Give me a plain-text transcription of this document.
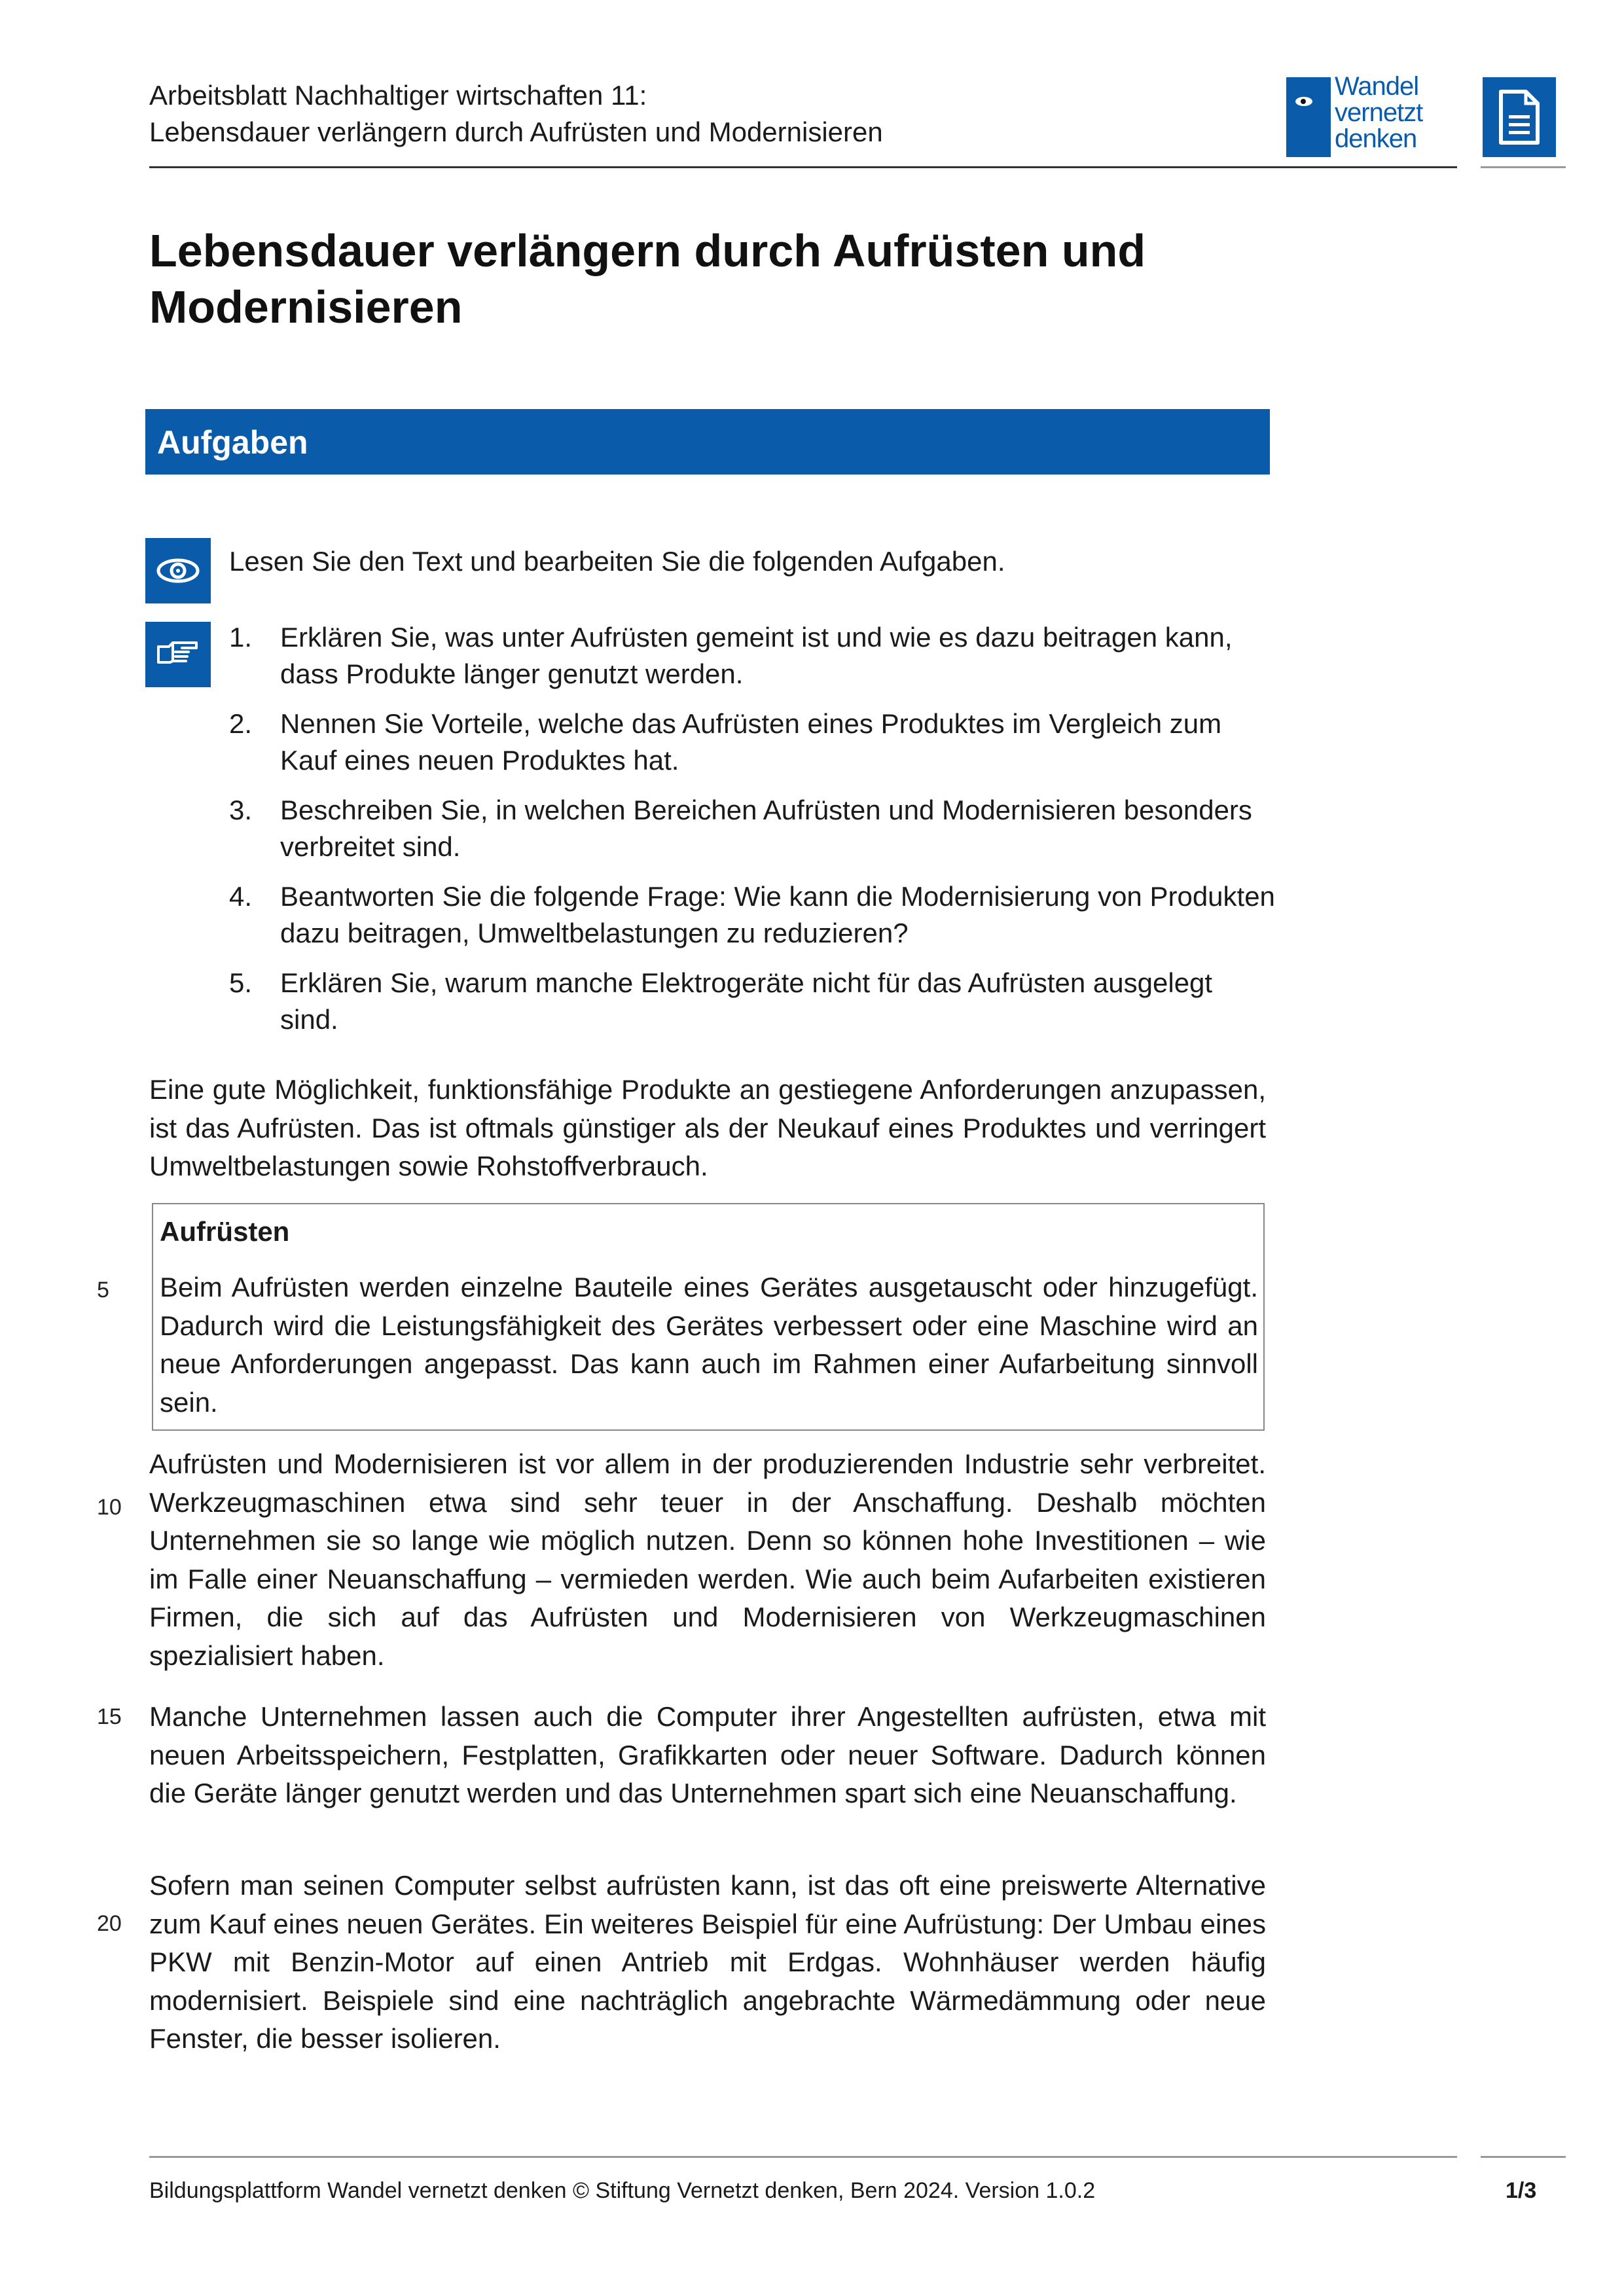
Arbeitsblatt Nachhaltiger wirtschaften 11:
Lebensdauer verlängern durch Aufrüsten und Modernisieren
Wandel
vernetzt
denken
Lebensdauer verlängern durch Aufrüsten und Modernisieren
Aufgaben
Lesen Sie den Text und bearbeiten Sie die folgenden Aufgaben.
1. Erklären Sie, was unter Aufrüsten gemeint ist und wie es dazu beitragen kann, dass Produkte länger genutzt werden.
2. Nennen Sie Vorteile, welche das Aufrüsten eines Produktes im Vergleich zum Kauf eines neuen Produktes hat.
3. Beschreiben Sie, in welchen Bereichen Aufrüsten und Modernisieren besonders verbreitet sind.
4. Beantworten Sie die folgende Frage: Wie kann die Modernisierung von Produkten dazu beitragen, Umweltbelastungen zu reduzieren?
5. Erklären Sie, warum manche Elektrogeräte nicht für das Aufrüsten ausgelegt sind.
Eine gute Möglichkeit, funktionsfähige Produkte an gestiegene Anforderungen anzupassen, ist das Aufrüsten. Das ist oftmals günstiger als der Neukauf eines Produktes und verringert Umweltbelastungen sowie Rohstoffverbrauch.
Aufrüsten
Beim Aufrüsten werden einzelne Bauteile eines Gerätes ausgetauscht oder hinzugefügt. Dadurch wird die Leistungsfähigkeit des Gerätes verbessert oder eine Maschine wird an neue Anforderungen angepasst. Das kann auch im Rahmen einer Aufarbeitung sinnvoll sein.
Aufrüsten und Modernisieren ist vor allem in der produzierenden Industrie sehr verbreitet. Werkzeugmaschinen etwa sind sehr teuer in der Anschaffung. Deshalb möchten Unternehmen sie so lange wie möglich nutzen. Denn so können hohe Investitionen – wie im Falle einer Neuanschaffung – vermieden werden. Wie auch beim Aufarbeiten existieren Firmen, die sich auf das Aufrüsten und Modernisieren von Werkzeugmaschinen spezialisiert haben.
Manche Unternehmen lassen auch die Computer ihrer Angestellten aufrüsten, etwa mit neuen Arbeitsspeichern, Festplatten, Grafikkarten oder neuer Software. Dadurch können die Geräte länger genutzt werden und das Unternehmen spart sich eine Neuanschaffung.
Sofern man seinen Computer selbst aufrüsten kann, ist das oft eine preiswerte Alternative zum Kauf eines neuen Gerätes. Ein weiteres Beispiel für eine Aufrüstung: Der Umbau eines PKW mit Benzin-Motor auf einen Antrieb mit Erdgas. Wohnhäuser werden häufig modernisiert. Beispiele sind eine nachträglich angebrachte Wärmedämmung oder neue Fenster, die besser isolieren.
5
10
15
20
Bildungsplattform Wandel vernetzt denken © Stiftung Vernetzt denken, Bern 2024. Version 1.0.2	1/3
